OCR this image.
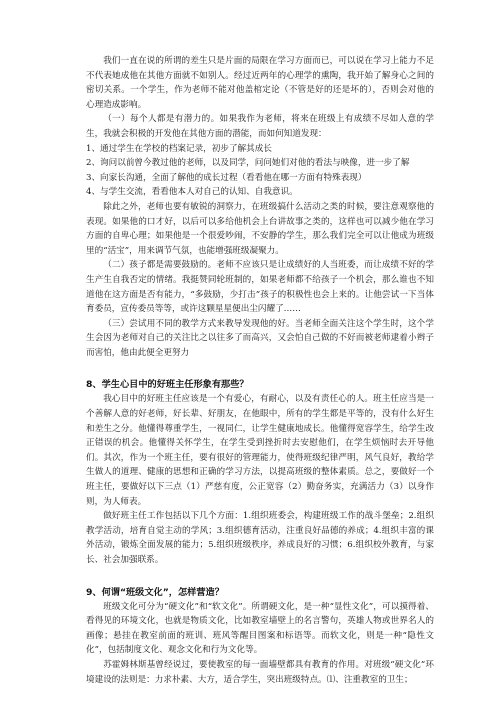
我们一直在说的所谓的差生只是片面的局限在学习方面而已，可以说在学习上能力不足不代表她成他在其他方面就不如别人。经过近两年的心理学的熏陶，我开始了解身心之间的密切关系。一个学生，作为老师不能对他盖棺定论（不管是好的还是坏的），否则会对他的心理造成影响。

（一）每个人都是有潜力的。如果我作为老师，将来在班级上有成绩不尽如人意的学生，我就会积极的开发他在其他方面的潜能，而如何知道发现：

1、通过学生在学校的档案记录，初步了解其成长
2、询问以前曾今教过他的老师，以及同学，问问她们对他的看法与映像，进一步了解
3、向家长沟通，全面了解他的成长过程（看看他在哪一方面有特殊表现）
4、与学生交流，看看他本人对自己的认知、自我意识。

除此之外，老师也要有敏锐的洞察力，在班级搞什么活动之类的时候，要注意观察他的表现。如果他的口才好，以后可以多给他机会上台讲故事之类的，这样也可以减少他在学习方面的自卑心理；如果他是一个很爱吵闹，不安静的学生，那么我们完全可以让他成为班级里的“活宝”，用来调节气氛，也能增强班级凝聚力。

（二）孩子都是需要鼓励的。老师不应该只是让成绩好的人当班委，而让成绩不好的学生产生自我否定的情绪。我挺赞同轮班制的，如果老师都不给孩子一个机会，那么谁也不知道他在这方面是否有能力，“多鼓励，少打击”孩子的积极性也会上来的。让他尝试一下当体育委员，宣传委员等等，或许这颗星星便出尘闪耀了……

（三）尝试用不同的教学方式来教导发现他的好。当老师全面关注这个学生时，这个学生会因为老师对自己的关注比之以往多了而高兴，又会怕自己做的不好而被老师逮着小辫子而害怕，他由此便全更努力

8、学生心目中的好班主任形象有那些？

我心目中的好班主任应该是一个有爱心，有耐心，以及有责任心的人。班主任应当是一个善解人意的好老师，好长辈、好朋友，在他眼中，所有的学生都是平等的，没有什么好生和差生之分。他懂得尊重学生，一视同仁，让学生健康地成长。他懂得宽容学生，给学生改正错误的机会。他懂得关怀学生，在学生受到挫折时去安慰他们，在学生烦恼时去开导他们。其次，作为一个班主任，要有很好的管理能力，使得班级纪律严明，风气良好，教给学生做人的道理、健康的思想和正确的学习方法，以提高班级的整体素质。总之，要做好一个班主任，要做好以下三点（1）严慈有度，公正宽容（2）勤奋务实，充满活力（3）以身作则，为人师表。

做好班主任工作包括以下几个方面：1.组织班委会，构建班级工作的战斗堡垒；2.组织教学活动，培育自觉主动的学风；3.组织德育活动，注重良好品德的养成；4.组织丰富的课外活动，锻炼全面发展的能力；5.组织班级秩序，养成良好的习惯；6.组织校外教育，与家长、社会加强联系。

9、何谓“班级文化”，怎样营造？

班级文化可分为“硬文化”和“软文化”。所谓硬文化，是一种“显性文化”，可以摸得着、看得见的环境文化，也就是物质文化，比如教室墙壁上的名言警句，英雄人物或世界名人的画像；悬挂在教室前面的班训、班风等醒目图案和标语等。而软文化，则是一种“隐性文化”，包括制度文化、观念文化和行为文化等。

苏霍姆林斯基曾经说过，要使教室的每一面墙壁都具有教育的作用。对班级“硬文化”环境建设的法则是：力求朴素、大方，适合学生，突出班级特点。⑴、注重教室的卫生；
